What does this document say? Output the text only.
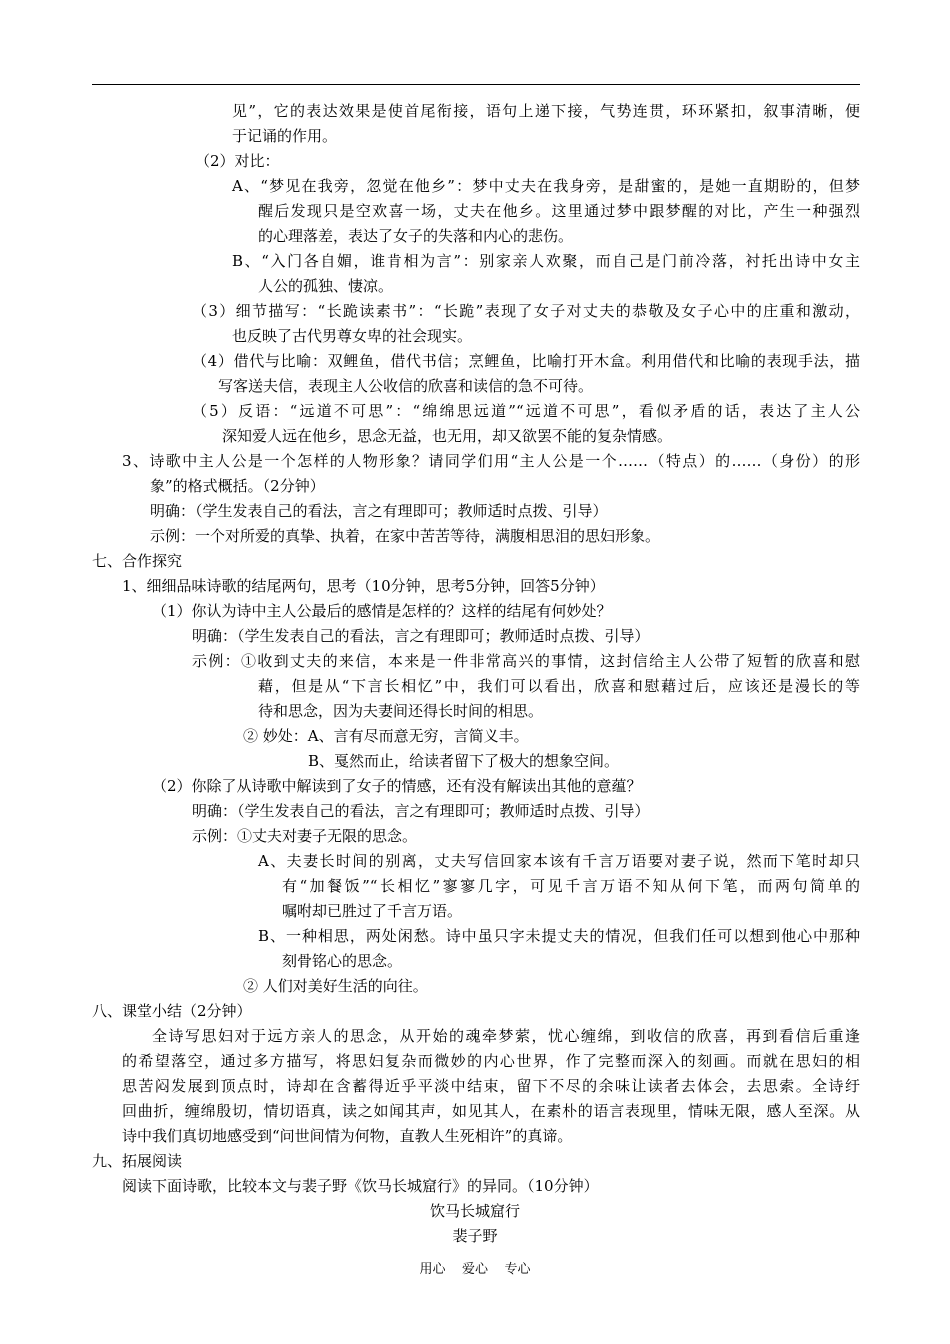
见”，它的表达效果是使首尾衔接，语句上递下接，气势连贯，环环紧扣，叙事清晰，便
于记诵的作用。
（2）对比：
A、“梦见在我旁，忽觉在他乡”：梦中丈夫在我身旁，是甜蜜的，是她一直期盼的，但梦
醒后发现只是空欢喜一场，丈夫在他乡。这里通过梦中跟梦醒的对比，产生一种强烈
的心理落差，表达了女子的失落和内心的悲伤。
B、“入门各自媚，谁肯相为言”：别家亲人欢聚，而自己是门前冷落，衬托出诗中女主
人公的孤独、悽凉。
（3）细节描写：“长跪读素书”：“长跪”表现了女子对丈夫的恭敬及女子心中的庄重和激动，
也反映了古代男尊女卑的社会现实。
（4）借代与比喻：双鲤鱼，借代书信；烹鲤鱼，比喻打开木盒。利用借代和比喻的表现手法，描
写客送夫信，表现主人公收信的欣喜和读信的急不可待。
（5）反语：“远道不可思”：“绵绵思远道”“远道不可思”，看似矛盾的话，表达了主人公
深知爱人远在他乡，思念无益，也无用，却又欲罢不能的复杂情感。
3、诗歌中主人公是一个怎样的人物形象？请同学们用“主人公是一个……（特点）的……（身份）的形
象”的格式概括。（2分钟）
明确：（学生发表自己的看法，言之有理即可；教师适时点拨、引导）
示例：一个对所爱的真挚、执着，在家中苦苦等待，满腹相思泪的思妇形象。
七、合作探究
1、细细品味诗歌的结尾两句，思考（10分钟，思考5分钟，回答5分钟）
（1）你认为诗中主人公最后的感情是怎样的？这样的结尾有何妙处？
明确：（学生发表自己的看法，言之有理即可；教师适时点拨、引导）
示例：①收到丈夫的来信，本来是一件非常高兴的事情，这封信给主人公带了短暂的欣喜和慰
藉，但是从“下言长相忆”中，我们可以看出，欣喜和慰藉过后，应该还是漫长的等
待和思念，因为夫妻间还得长时间的相思。
② 妙处：A、言有尽而意无穷，言简义丰。
B、戛然而止，给读者留下了极大的想象空间。
（2）你除了从诗歌中解读到了女子的情感，还有没有解读出其他的意蕴？
明确：（学生发表自己的看法，言之有理即可；教师适时点拨、引导）
示例：①丈夫对妻子无限的思念。
A、夫妻长时间的别离，丈夫写信回家本该有千言万语要对妻子说，然而下笔时却只
有“加餐饭”“长相忆”寥寥几字，可见千言万语不知从何下笔，而两句简单的
嘱咐却已胜过了千言万语。
B、一种相思，两处闲愁。诗中虽只字未提丈夫的情况，但我们任可以想到他心中那种
刻骨铭心的思念。
② 人们对美好生活的向往。
八、课堂小结（2分钟）
全诗写思妇对于远方亲人的思念，从开始的魂牵梦萦，忧心缠绵，到收信的欣喜，再到看信后重逢
的希望落空，通过多方描写，将思妇复杂而微妙的内心世界，作了完整而深入的刻画。而就在思妇的相
思苦闷发展到顶点时，诗却在含蓄得近乎平淡中结束，留下不尽的余味让读者去体会，去思索。全诗纡
回曲折，缠绵殷切，情切语真，读之如闻其声，如见其人，在素朴的语言表现里，情味无限，感人至深。从
诗中我们真切地感受到“问世间情为何物，直教人生死相许”的真谛。
九、拓展阅读
阅读下面诗歌，比较本文与裴子野《饮马长城窟行》的异同。（10分钟）
饮马长城窟行
裴子野
用心    爱心    专心
